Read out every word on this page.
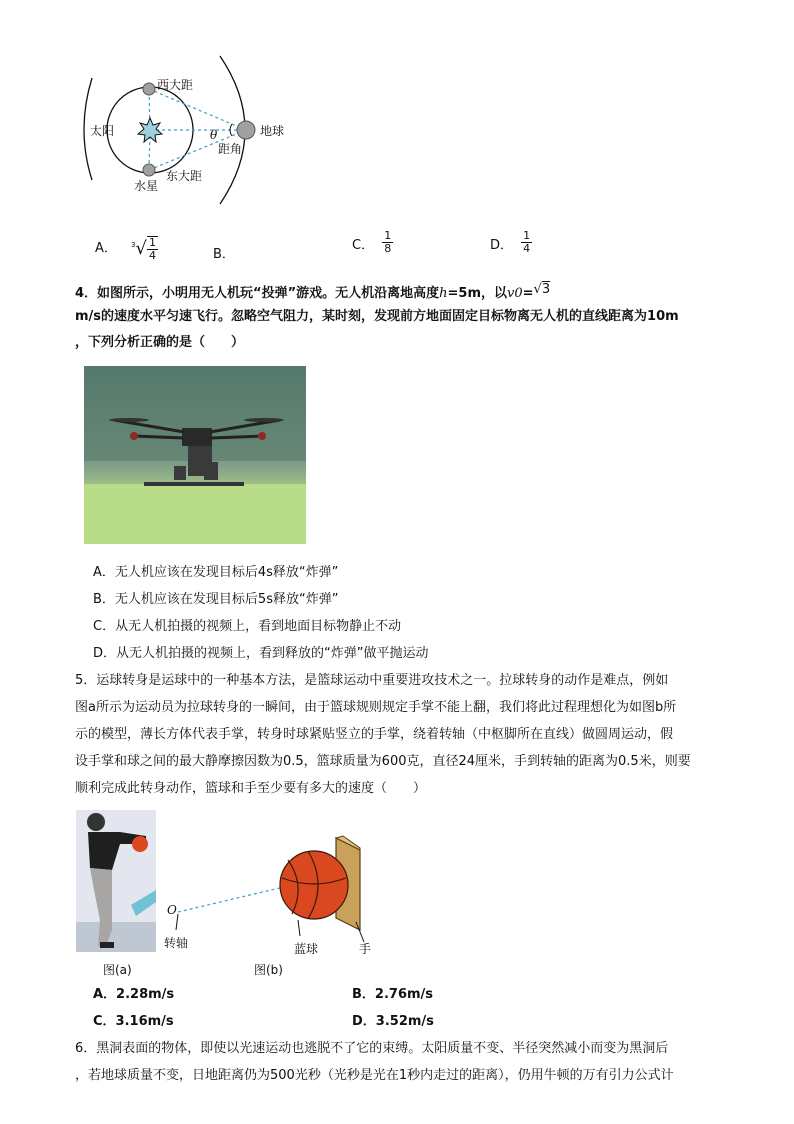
西大距
太阳
水星
东大距
地球
θ
距角
A． $^3√ \frac{1}{4}$	B．
C． $\frac{1}{8}$	D． $\frac{1}{4}$
4．如图所示，小明用无人机玩“投弹”游戏。无人机沿离地高度h=5m，以v0=√3
m/s的速度水平匀速飞行。忽略空气阻力，某时刻，发现前方地面固定目标物离无人机的直线距离为10m
，下列分析正确的是（　　）
A．无人机应该在发现目标后4s释放“炸弹”
B．无人机应该在发现目标后5s释放“炸弹”
C．从无人机拍摄的视频上，看到地面目标物静止不动
D．从无人机拍摄的视频上，看到释放的“炸弹”做平抛运动
5．运球转身是运球中的一种基本方法，是篮球运动中重要进攻技术之一。拉球转身的动作是难点，例如
图a所示为运动员为拉球转身的一瞬间，由于篮球规则规定手掌不能上翻，我们将此过程理想化为如图b所
示的模型，薄长方体代表手掌，转身时球紧贴竖立的手掌，绕着转轴（中枢脚所在直线）做圆周运动，假
设手掌和球之间的最大静摩擦因数为0.5，篮球质量为600克，直径24厘米，手到转轴的距离为0.5米，则要
顺利完成此转身动作，篮球和手至少要有多大的速度（　　）
图(a)
O
转轴	蓝球	手
图(b)
A．2.28m/s	B．2.76m/s
C．3.16m/s	D．3.52m/s
6．黑洞表面的物体，即使以光速运动也逃脱不了它的束缚。太阳质量不变、半径突然减小而变为黑洞后
，若地球质量不变，日地距离仍为500光秒（光秒是光在1秒内走过的距离），仍用牛顿的万有引力公式计
